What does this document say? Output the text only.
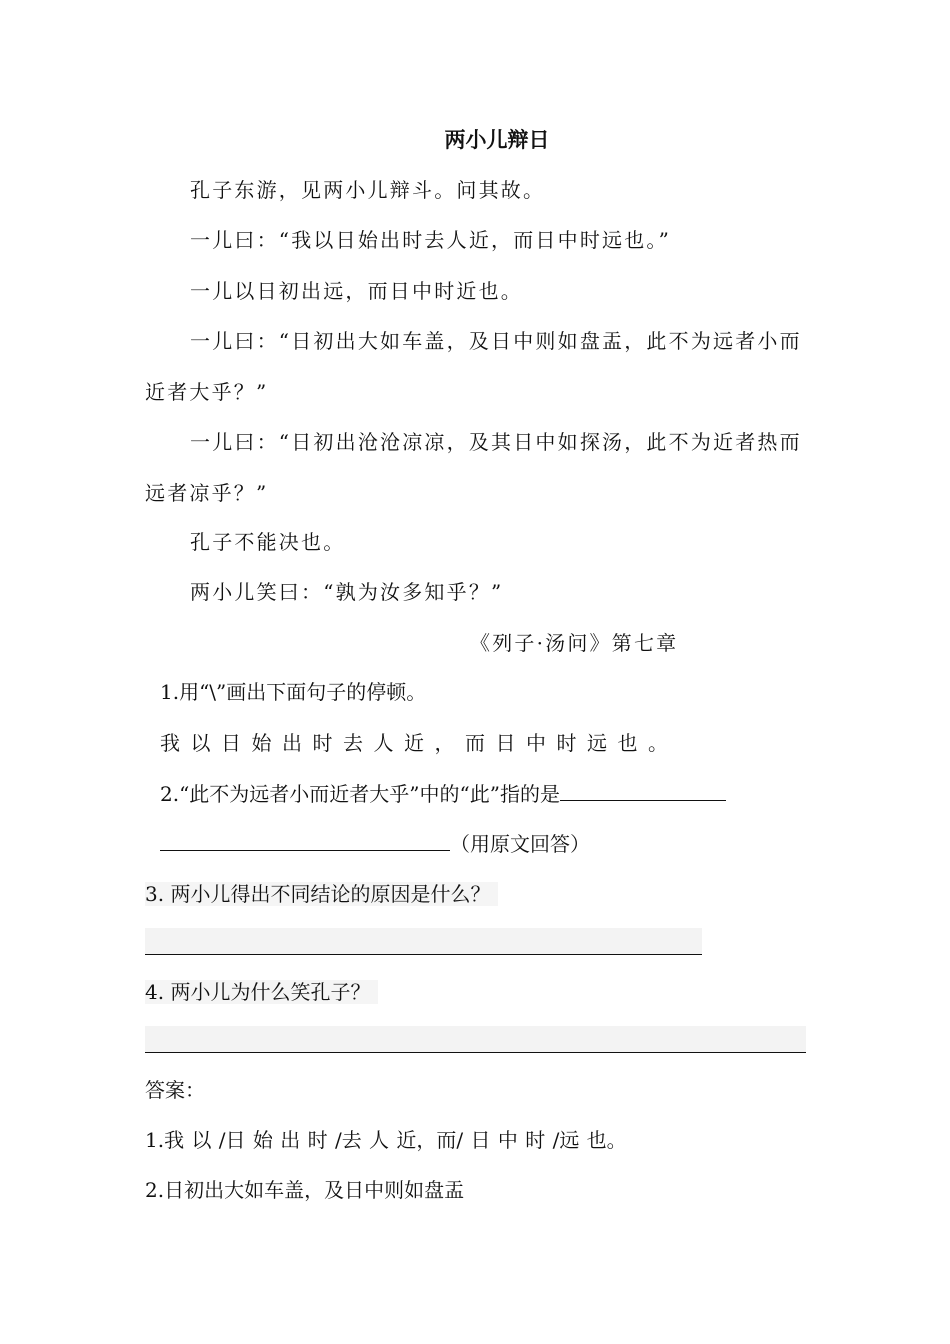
两小儿辩日
孔子东游，见两小儿辩斗。问其故。
一儿曰：“我以日始出时去人近，而日中时远也。”
一儿以日初出远，而日中时近也。
一儿曰：“日初出大如车盖，及日中则如盘盂，此不为远者小而
近者大乎？”
一儿曰：“日初出沧沧凉凉，及其日中如探汤，此不为近者热而
远者凉乎？”
孔子不能决也。
两小儿笑曰：“孰为汝多知乎？”
《列子·汤问》第七章
1.用“\”画出下面句子的停顿。
我以日始出时去人近，而日中时远也。
2.“此不为远者小而近者大乎”中的“此”指的是
（用原文回答）
3. 两小儿得出不同结论的原因是什么？
4. 两小儿为什么笑孔子？
答案：
1.我 以 /日 始 出 时 /去 人 近，而/ 日 中 时 /远 也。
2.日初出大如车盖，及日中则如盘盂
